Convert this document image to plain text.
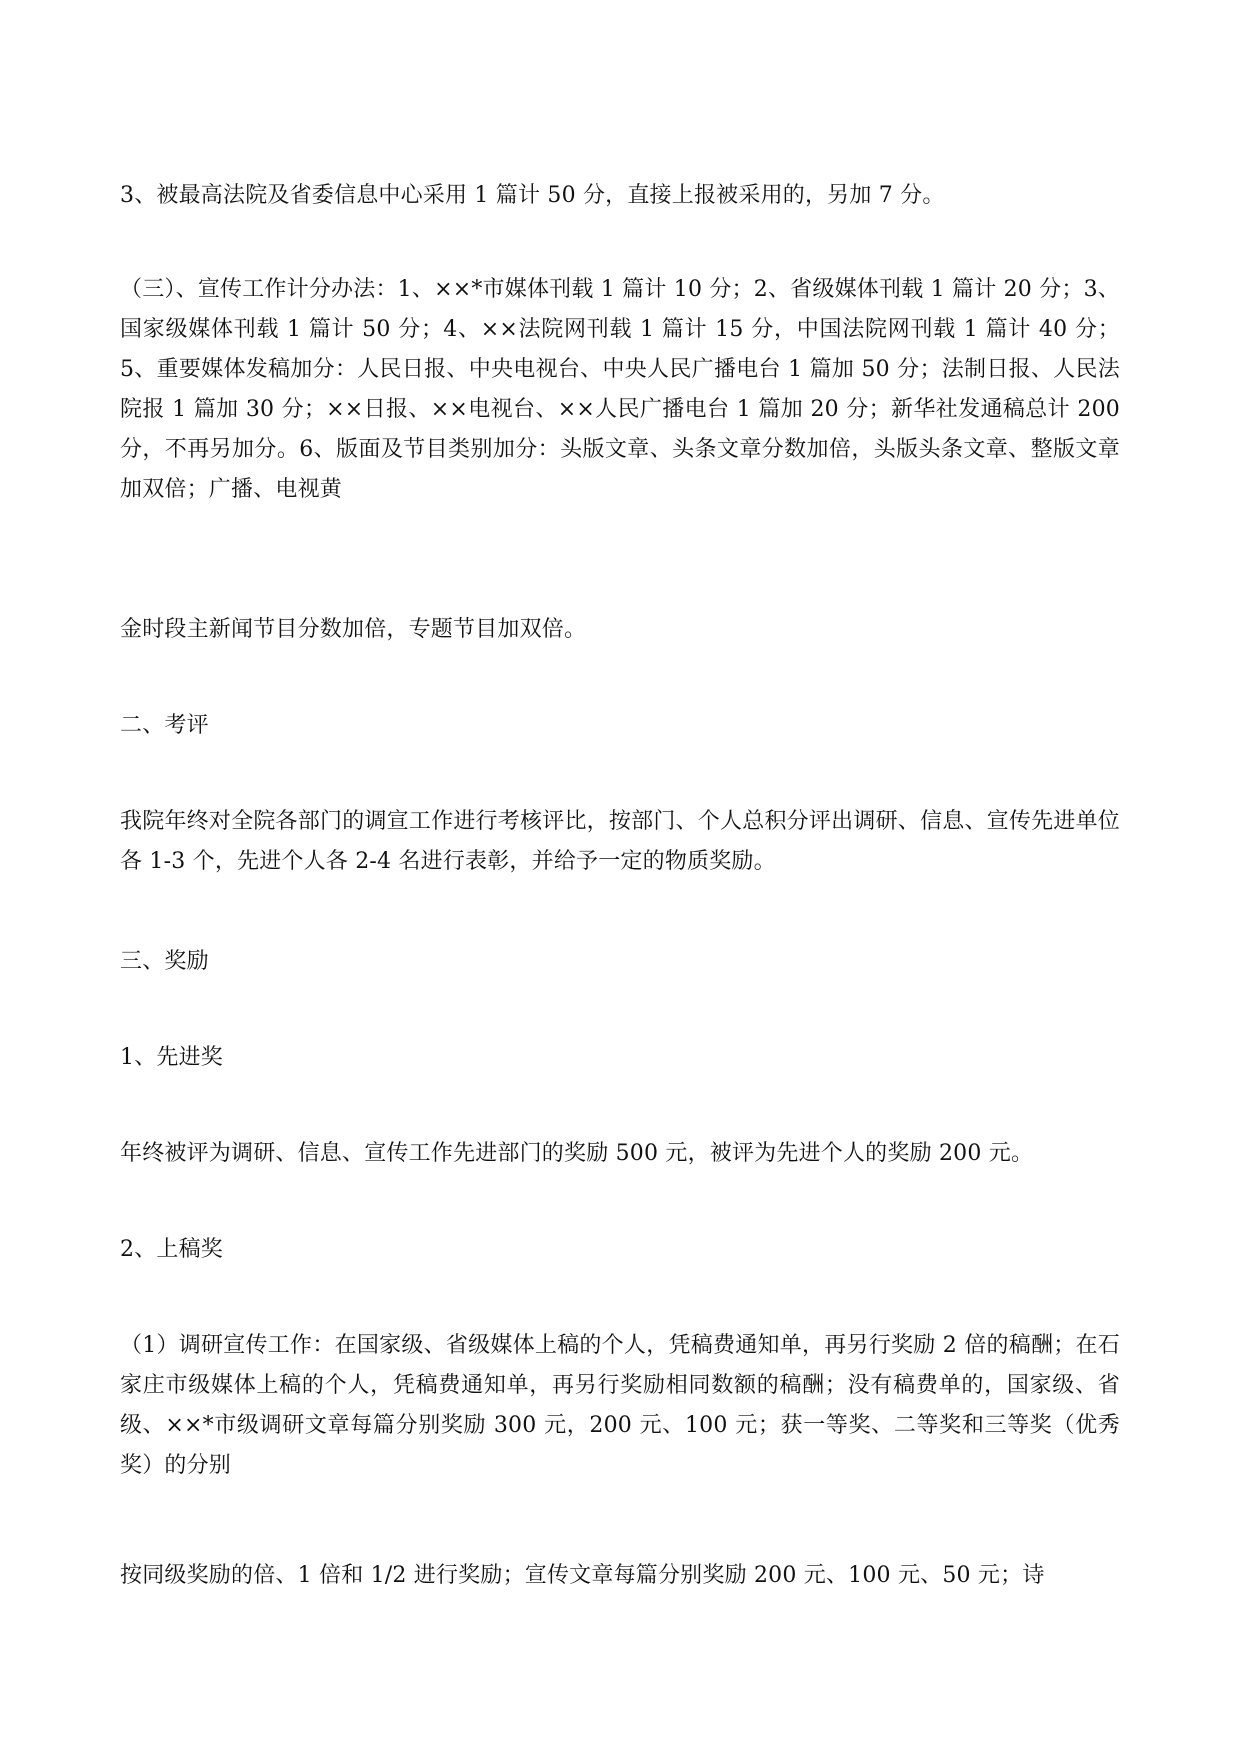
3、被最高法院及省委信息中心采用 1 篇计 50 分，直接上报被采用的，另加 7 分。

（三）、宣传工作计分办法：1、××*市媒体刊载 1 篇计 10 分；2、省级媒体刊载 1 篇计 20 分；3、国家级媒体刊载 1 篇计 50 分；4、××法院网刊载 1 篇计 15 分，中国法院网刊载 1 篇计 40 分；5、重要媒体发稿加分：人民日报、中央电视台、中央人民广播电台 1 篇加 50 分；法制日报、人民法院报 1 篇加 30 分；××日报、××电视台、××人民广播电台 1 篇加 20 分；新华社发通稿总计 200 分，不再另加分。6、版面及节目类别加分：头版文章、头条文章分数加倍，头版头条文章、整版文章加双倍；广播、电视黄

金时段主新闻节目分数加倍，专题节目加双倍。

二、考评

我院年终对全院各部门的调宣工作进行考核评比，按部门、个人总积分评出调研、信息、宣传先进单位各 1-3 个，先进个人各 2-4 名进行表彰，并给予一定的物质奖励。

三、奖励

1、先进奖

年终被评为调研、信息、宣传工作先进部门的奖励 500 元，被评为先进个人的奖励 200 元。

2、上稿奖

（1）调研宣传工作：在国家级、省级媒体上稿的个人，凭稿费通知单，再另行奖励 2 倍的稿酬；在石家庄市级媒体上稿的个人，凭稿费通知单，再另行奖励相同数额的稿酬；没有稿费单的，国家级、省级、××*市级调研文章每篇分别奖励 300 元，200 元、100 元；获一等奖、二等奖和三等奖（优秀奖）的分别

按同级奖励的倍、1 倍和 1/2 进行奖励；宣传文章每篇分别奖励 200 元、100 元、50 元；诗
